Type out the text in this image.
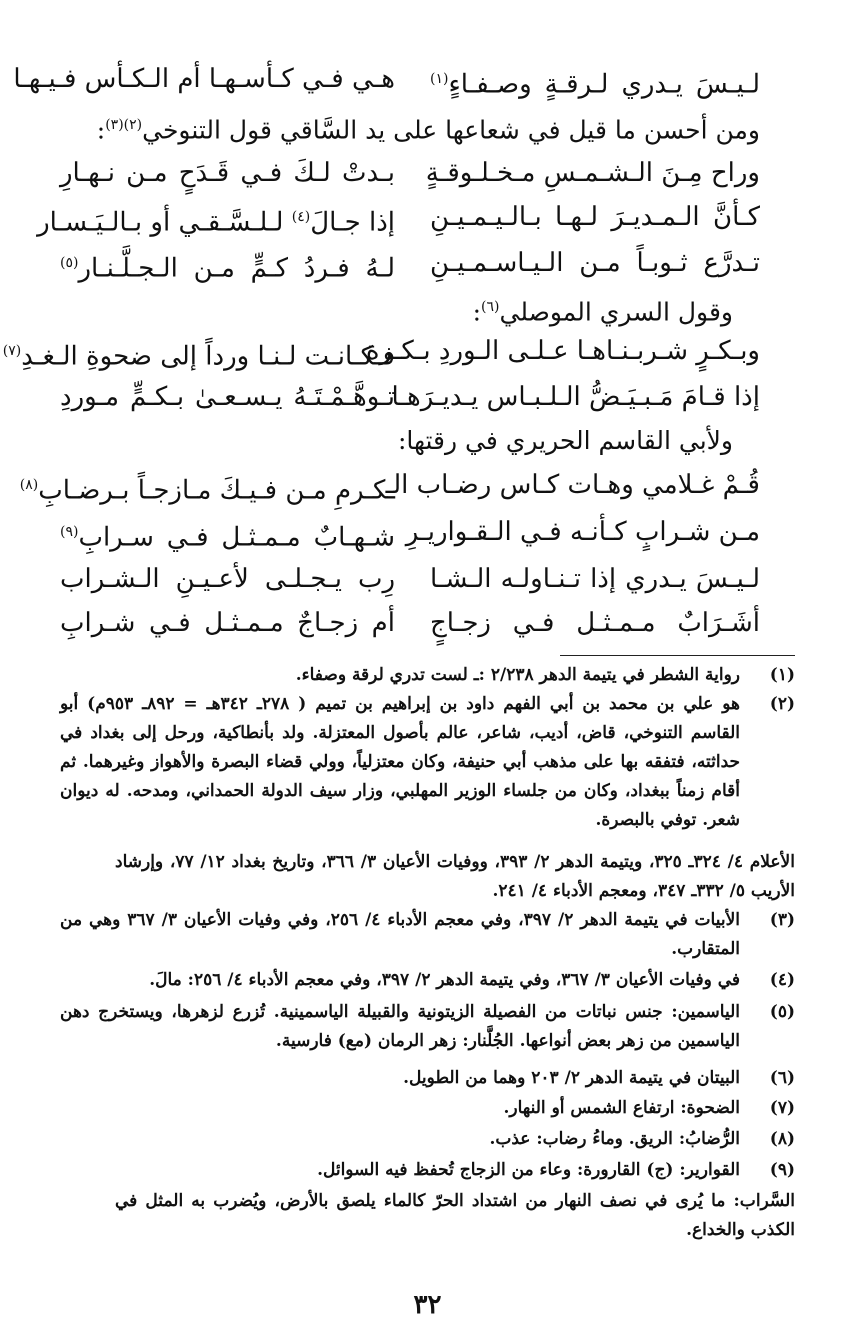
لـيـسَ يـدري لـرقـةٍ وصـفـاءٍ$^{(١)}$
هـي فـي كـأسـهـا أم الـكـأس فـيـهـا
ومن أحسن ما قيل في شعاعها على يد السَّاقي قول التنوخي$^{(٢)(٣)}$:
وراح مِـنَ الـشـمـسِ مـخـلـوقـةٍ
بـدتْ لـكَ فـي قَـدَحٍ مـن نـهـارِ
كـأنَّ الـمـديـرَ لـهـا بـالـيـمـيـنِ
إذا جـالَ$^{(٤)}$ لـلـسَّـقـي أو بـالـيَـسـار
تـدرَّع ثـوبـاً مـن الـيـاسـمـيـنِ
لـهُ فـردُ كـمٍّ مـن الـجـلَّـنـار$^{(٥)}$
وقول السري الموصلي$^{(٦)}$:
وبـكـرٍ شـربـنـاهـا عـلـى الـوردِ بـكـرة
فـكـانـت لـنـا ورداً إلى ضحوةِ الـغـدِ$^{(٧)}$
إذا قـامَ مَـبـيَـضُّ الـلـبـاس يـديـرَهـا
تـوهَّـمْـتَـهُ يـسـعـىٰ بـكـمٍّ مـوردِ
ولأبي القاسم الحريري في رقتها:
قُـمْ غـلامي وهـات كـاس رضـاب الـ
ـكـرمِ مـن فـيـكَ مـازجـاً بـرضـابِ$^{(٨)}$
مـن شـرابٍ كـأنـه فـي الـقـواريـرِ
شـهـابٌ مـمـثـل فـي سـرابِ$^{(٩)}$
لـيـسَ يـدري إذا تـنـاولـه الـشـا
رِب يـجـلـى لأعـيـنِ الـشـراب
أشَـرَابٌ مـمـثـل فـي زجـاجٍ
أم زجـاجٌ مـمـثـل فـي شـرابِ
(١)
رواية الشطر في يتيمة الدهر ٢/٢٣٨ :ـ لست تدري لرقة وصفاء.
(٢)
هو علي بن محمد بن أبي الفهم داود بن إبراهيم بن تميم ( ٢٧٨ـ ٣٤٢هـ = ٨٩٢ـ ٩٥٣م) أبو القاسم التنوخي، قاض، أديب، شاعر، عالم بأصول المعتزلة. ولد بأنطاكية، ورحل إلى بغداد في حداثته، فتفقه بها على مذهب أبي حنيفة، وكان معتزلياً، وولي قضاء البصرة والأهواز وغيرهما. ثم أقام زمناً ببغداد، وكان من جلساء الوزير المهلبي، وزار سيف الدولة الحمداني، ومدحه. له ديوان شعر. توفي بالبصرة.
الأعلام ٤/ ٣٢٤ـ ٣٢٥، ويتيمة الدهر ٢/ ٣٩٣، ووفيات الأعيان ٣/ ٣٦٦، وتاريخ بغداد ١٢/ ٧٧، وإرشاد الأريب ٥/ ٣٣٢ـ ٣٤٧، ومعجم الأدباء ٤/ ٢٤١.
(٣)
الأبيات في يتيمة الدهر ٢/ ٣٩٧، وفي معجم الأدباء ٤/ ٢٥٦، وفي وفيات الأعيان ٣/ ٣٦٧ وهي من المتقارب.
(٤)
في وفيات الأعيان ٣/ ٣٦٧، وفي يتيمة الدهر ٢/ ٣٩٧، وفي معجم الأدباء ٤/ ٢٥٦: مالَ.
(٥)
الياسمين: جنس نباتات من الفصيلة الزيتونية والقبيلة الياسمينية. تُزرع لزهرها، ويستخرج دهن الياسمين من زهر بعض أنواعها. الجُلَّنار: زهر الرمان (مع) فارسية.
(٦)
البيتان في يتيمة الدهر ٢/ ٢٠٣ وهما من الطويل.
(٧)
الضحوة: ارتفاع الشمس أو النهار.
(٨)
الرُّضابُ: الريق. وماءُ رضاب: عذب.
(٩)
القوارير: (ج) القارورة: وعاء من الزجاج تُحفظ فيه السوائل.
السَّراب: ما يُرى في نصف النهار من اشتداد الحرّ كالماء يلصق بالأرض، ويُضرب به المثل في الكذب والخداع.
٣٢
